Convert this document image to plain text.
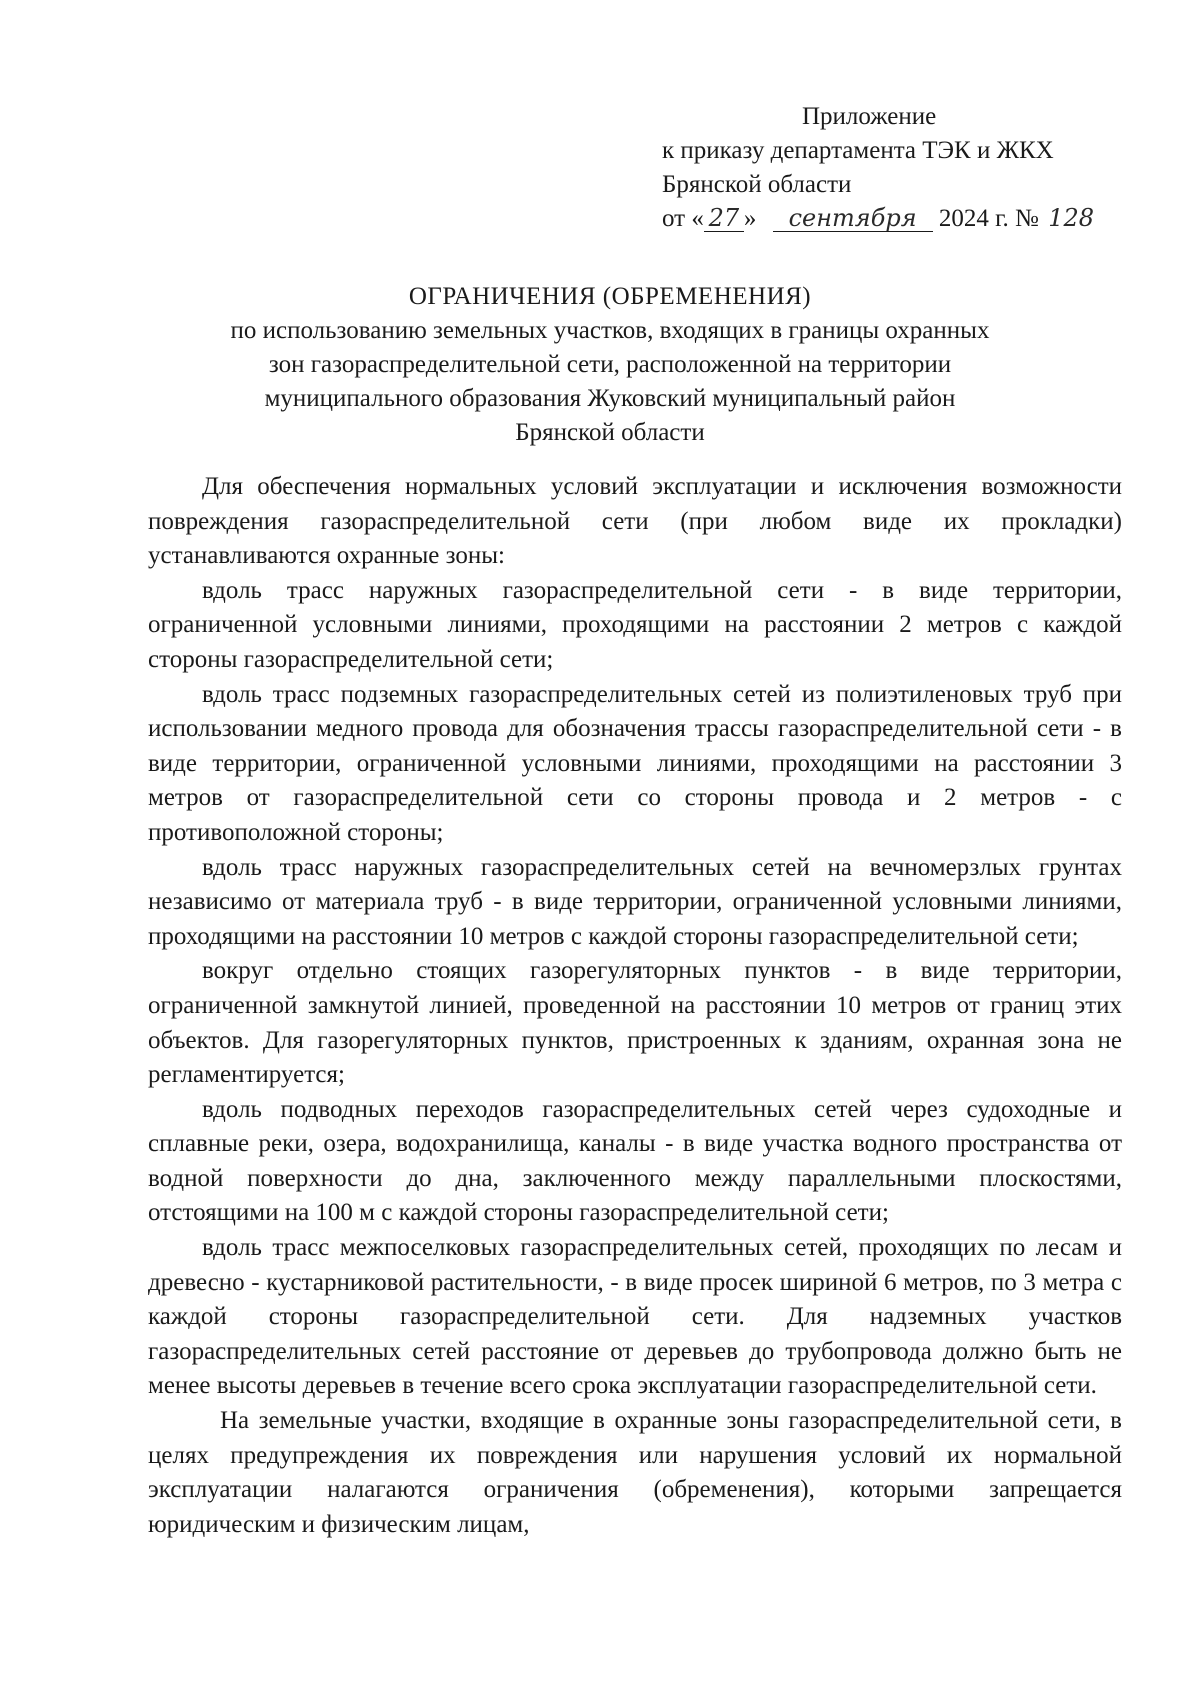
Приложение
к приказу департамента ТЭК и ЖКХ
Брянской области
от « 27 » сентября 2024 г. № 128
ОГРАНИЧЕНИЯ (ОБРЕМЕНЕНИЯ)
по использованию земельных участков, входящих в границы охранных
зон газораспределительной сети, расположенной на территории
муниципального образования Жуковский муниципальный район
Брянской области

Для обеспечения нормальных условий эксплуатации и исключения возможности повреждения газораспределительной сети (при любом виде их прокладки) устанавливаются охранные зоны:

вдоль трасс наружных газораспределительной сети - в виде территории, ограниченной условными линиями, проходящими на расстоянии 2 метров с каждой стороны газораспределительной сети;

вдоль трасс подземных газораспределительных сетей из полиэтиленовых труб при использовании медного провода для обозначения трассы газораспределительной сети - в виде территории, ограниченной условными линиями, проходящими на расстоянии 3 метров от газораспределительной сети со стороны провода и 2 метров - с противоположной стороны;

вдоль трасс наружных газораспределительных сетей на вечномерзлых грунтах независимо от материала труб - в виде территории, ограниченной условными линиями, проходящими на расстоянии 10 метров с каждой стороны газораспределительной сети;

вокруг отдельно стоящих газорегуляторных пунктов - в виде территории, ограниченной замкнутой линией, проведенной на расстоянии 10 метров от границ этих объектов. Для газорегуляторных пунктов, пристроенных к зданиям, охранная зона не регламентируется;

вдоль подводных переходов газораспределительных сетей через судоходные и сплавные реки, озера, водохранилища, каналы - в виде участка водного пространства от водной поверхности до дна, заключенного между параллельными плоскостями, отстоящими на 100 м с каждой стороны газораспределительной сети;

вдоль трасс межпоселковых газораспределительных сетей, проходящих по лесам и древесно - кустарниковой растительности, - в виде просек шириной 6 метров, по 3 метра с каждой стороны газораспределительной сети. Для надземных участков газораспределительных сетей расстояние от деревьев до трубопровода должно быть не менее высоты деревьев в течение всего срока эксплуатации газораспределительной сети.

На земельные участки, входящие в охранные зоны газораспределительной сети, в целях предупреждения их повреждения или нарушения условий их нормальной эксплуатации налагаются ограничения (обременения), которыми запрещается юридическим и физическим лицам,
